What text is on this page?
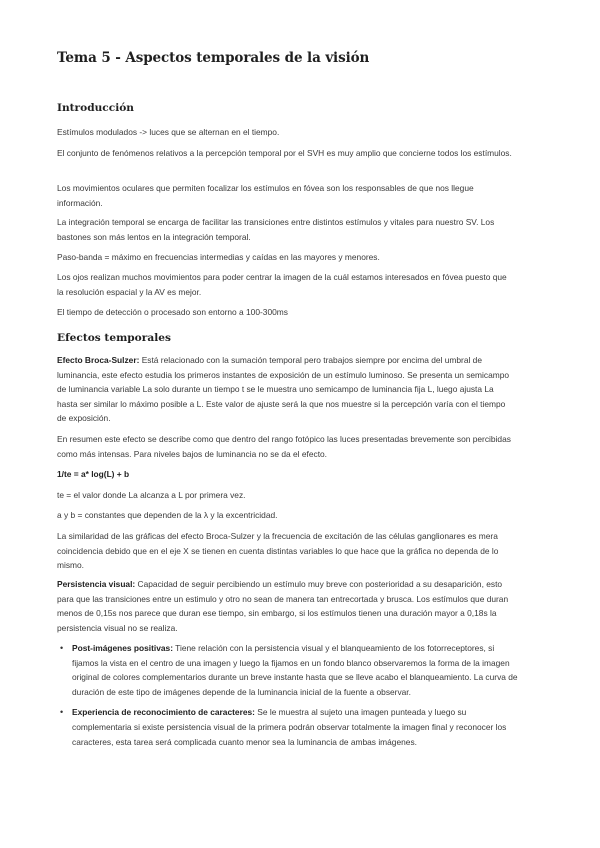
Tema 5 - Aspectos temporales de la visión
Introducción

Estímulos modulados -> luces que se alternan en el tiempo.

El conjunto de fenómenos relativos a la percepción temporal por el SVH es muy amplio que concierne todos los estímulos.

Los movimientos oculares que permiten focalizar los estímulos en fóvea son los responsables de que nos llegue información.

La integración temporal se encarga de facilitar las transiciones entre distintos estímulos y vitales para nuestro SV. Los bastones son más lentos en la integración temporal.

Paso-banda = máximo en frecuencias intermedias y caídas en las mayores y menores.

Los ojos realizan muchos movimientos para poder centrar la imagen de la cuál estamos interesados en fóvea puesto que la resolución espacial y la AV es mejor.

El tiempo de detección o procesado son entorno a 100-300ms

Efectos temporales

Efecto Broca-Sulzer: Está relacionado con la sumación temporal pero trabajos siempre por encima del umbral de luminancia, este efecto estudia los primeros instantes de exposición de un estímulo luminoso. Se presenta un semicampo de luminancia variable La solo durante un tiempo t se le muestra uno semicampo de luminancia fija L, luego ajusta La hasta ser similar lo máximo posible a L. Este valor de ajuste será la que nos muestre si la percepción varía con el tiempo de exposición.

En resumen este efecto se describe como que dentro del rango fotópico las luces presentadas brevemente son percibidas como más intensas. Para niveles bajos de luminancia no se da el efecto.

1/te = a* log(L) + b

te = el valor donde La alcanza a L por primera vez.

a y b = constantes que dependen de la λ y la excentricidad.

La similaridad de las gráficas del efecto Broca-Sulzer y la frecuencia de excitación de las células ganglionares es mera coincidencia debido que en el eje X se tienen en cuenta distintas variables lo que hace que la gráfica no dependa de lo mismo.

Persistencia visual: Capacidad de seguir percibiendo un estímulo muy breve con posterioridad a su desaparición, esto para que las transiciones entre un estimulo y otro no sean de manera tan entrecortada y brusca. Los estímulos que duran menos de 0,15s nos parece que duran ese tiempo, sin embargo, si los estímulos tienen una duración mayor a 0,18s la persistencia visual no se realiza.

• Post-imágenes positivas: Tiene relación con la persistencia visual y el blanqueamiento de los fotorreceptores, si fijamos la vista en el centro de una imagen y luego la fijamos en un fondo blanco observaremos la forma de la imagen original de colores complementarios durante un breve instante hasta que se lleve acabo el blanqueamiento. La curva de duración de este tipo de imágenes depende de la luminancia inicial de la fuente a observar.
• Experiencia de reconocimiento de caracteres: Se le muestra al sujeto una imagen punteada y luego su complementaria si existe persistencia visual de la primera podrán observar totalmente la imagen final y reconocer los caracteres, esta tarea será complicada cuanto menor sea la luminancia de ambas imágenes.
